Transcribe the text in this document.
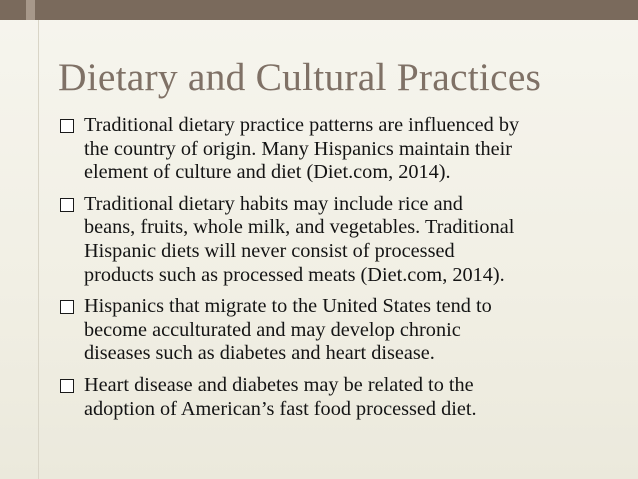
Dietary and Cultural Practices
Traditional dietary practice patterns are influenced by
the country of origin. Many Hispanics maintain their
element of culture and diet (Diet.com, 2014).
Traditional dietary habits may include rice and
beans, fruits, whole milk, and vegetables. Traditional
Hispanic diets will never consist of processed
products such as processed meats (Diet.com, 2014).
Hispanics that migrate to the United States tend to
become acculturated and may develop chronic
diseases such as diabetes and heart disease.
Heart disease and diabetes may be related to the
adoption of American’s fast food processed diet.
